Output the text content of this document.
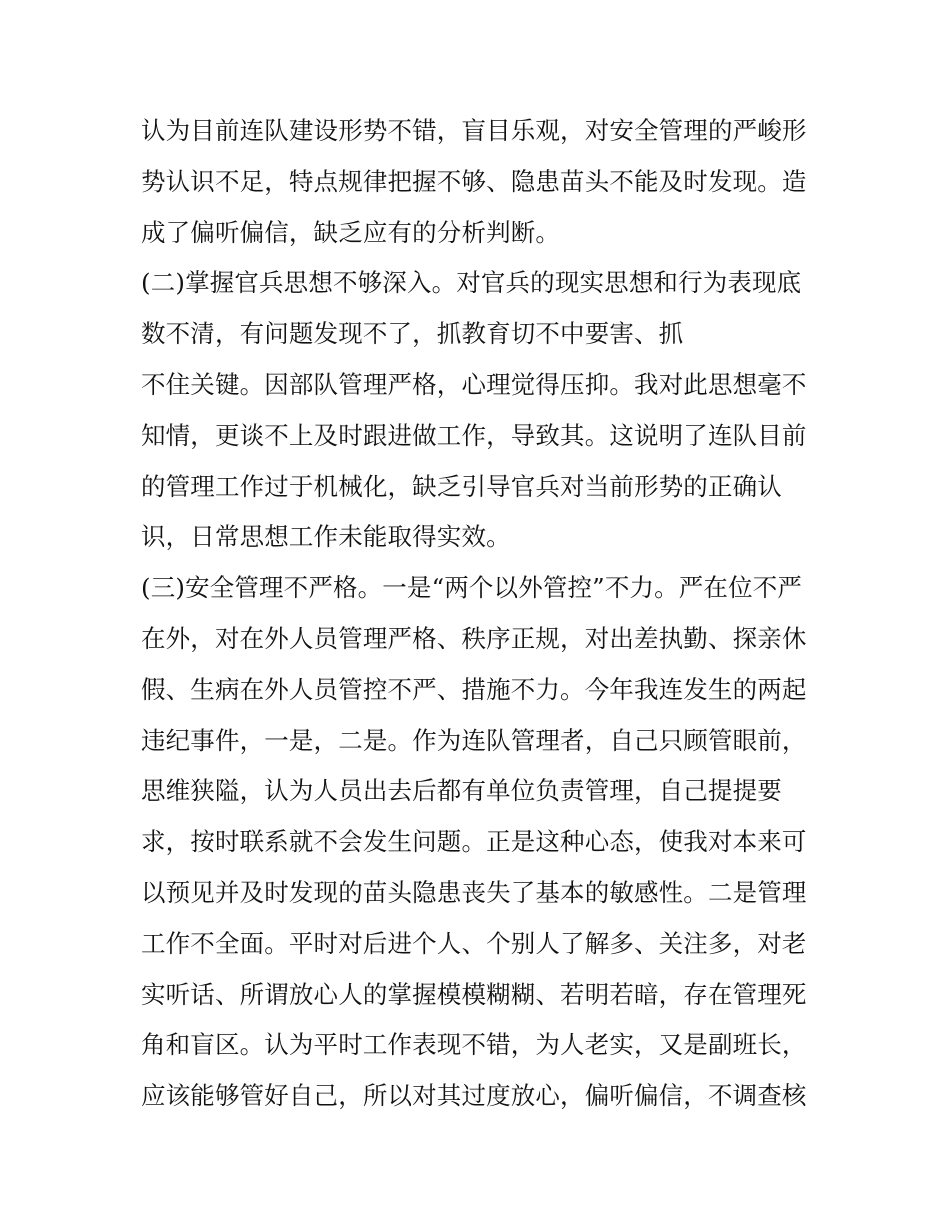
认为目前连队建设形势不错，盲目乐观，对安全管理的严峻形
势认识不足，特点规律把握不够、隐患苗头不能及时发现。造
成了偏听偏信，缺乏应有的分析判断。
(二)掌握官兵思想不够深入。对官兵的现实思想和行为表现底
数不清，有问题发现不了，抓教育切不中要害、抓
不住关键。因部队管理严格，心理觉得压抑。我对此思想毫不
知情，更谈不上及时跟进做工作，导致其。这说明了连队目前
的管理工作过于机械化，缺乏引导官兵对当前形势的正确认
识，日常思想工作未能取得实效。
(三)安全管理不严格。一是“两个以外管控”不力。严在位不严
在外，对在外人员管理严格、秩序正规，对出差执勤、探亲休
假、生病在外人员管控不严、措施不力。今年我连发生的两起
违纪事件，一是，二是。作为连队管理者，自己只顾管眼前，
思维狭隘，认为人员出去后都有单位负责管理，自己提提要
求，按时联系就不会发生问题。正是这种心态，使我对本来可
以预见并及时发现的苗头隐患丧失了基本的敏感性。二是管理
工作不全面。平时对后进个人、个别人了解多、关注多，对老
实听话、所谓放心人的掌握模模糊糊、若明若暗，存在管理死
角和盲区。认为平时工作表现不错，为人老实，又是副班长，
应该能够管好自己，所以对其过度放心，偏听偏信，不调查核
